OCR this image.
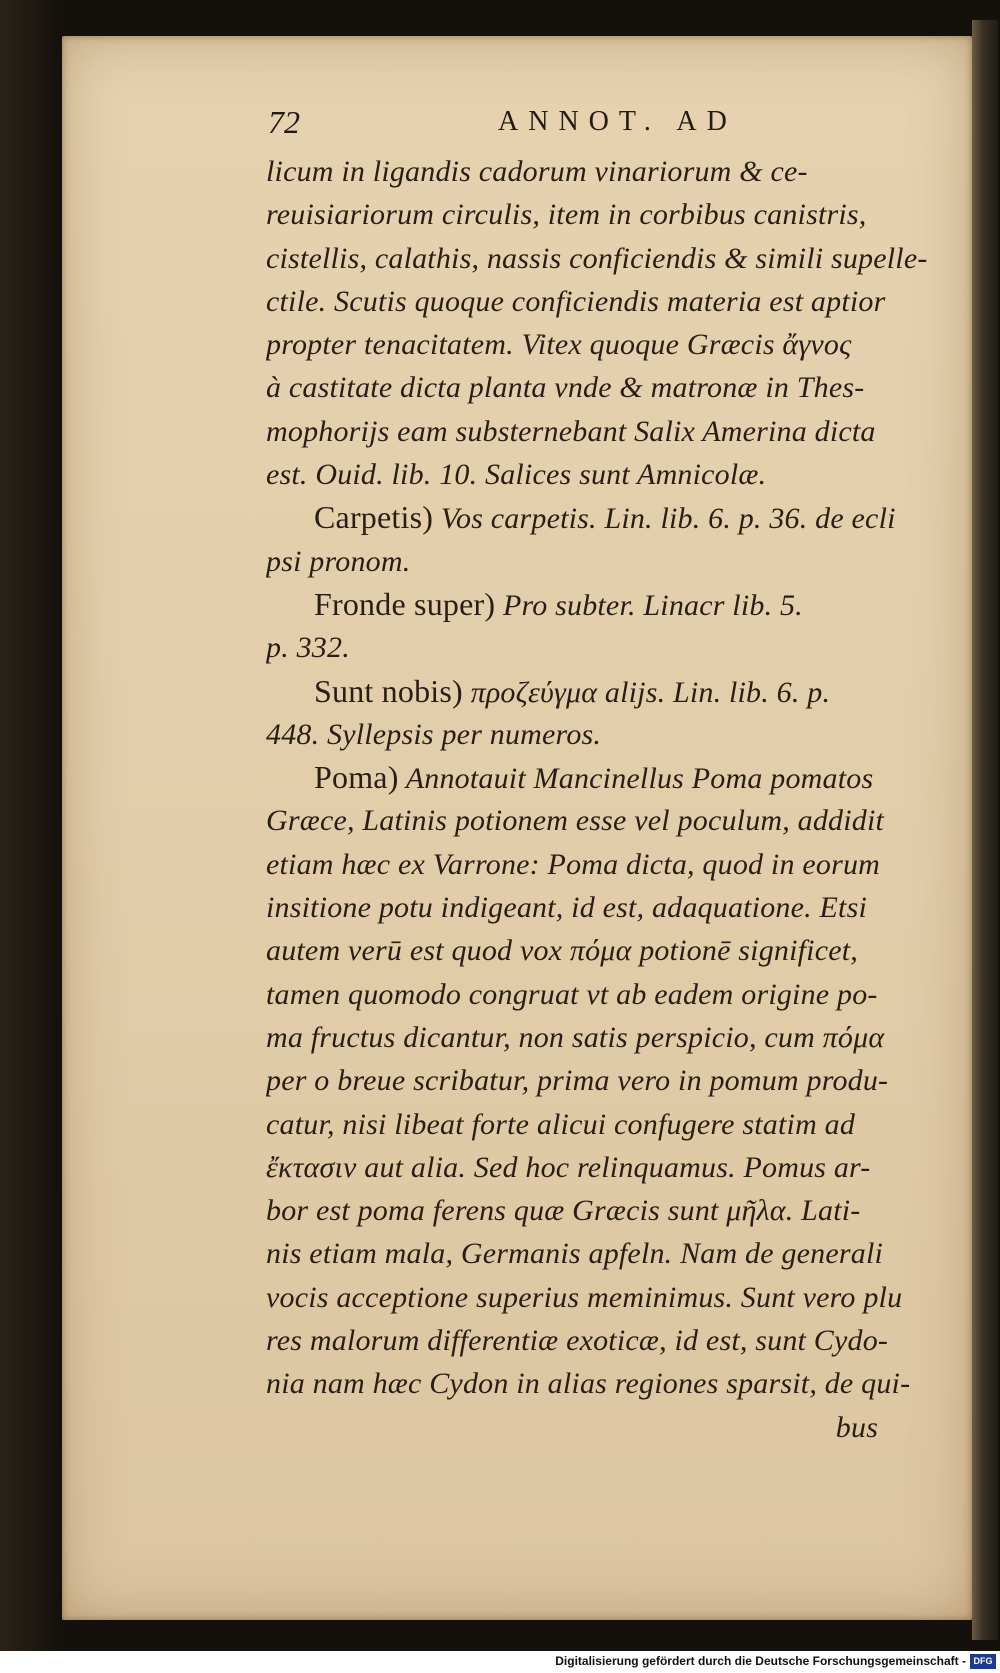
72	ANNOT. AD
licum in ligandis cadorum vinariorum & ce-
reuisiariorum circulis, item in corbibus canistris,
cistellis, calathis, nassis conficiendis & simili supelle-
ctile. Scutis quoque conficiendis materia est aptior
propter tenacitatem. Vitex quoque Græcis ἄγνος
à castitate dicta planta vnde & matronæ in Thes-
mophorijs eam substernebant Salix Amerina dicta
est. Ouid. lib. 10. Salices sunt Amnicolæ.
Carpetis) Vos carpetis. Lin. lib. 6. p. 36. de ecli
psi pronom.
Fronde super) Pro subter. Linacr lib. 5.
p. 332.
Sunt nobis) προζεύγμα alijs. Lin. lib. 6. p.
448. Syllepsis per numeros.
Poma) Annotauit Mancinellus Poma pomatos
Græce, Latinis potionem esse vel poculum, addidit
etiam hæc ex Varrone: Poma dicta, quod in eorum
insitione potu indigeant, id est, adaquatione. Etsi
autem verū est quod vox πόμα potionē significet,
tamen quomodo congruat vt ab eadem origine po-
ma fructus dicantur, non satis perspicio, cum πόμα
per o breue scribatur, prima vero in pomum produ-
catur, nisi libeat forte alicui confugere statim ad
ἔκτασιν aut alia. Sed hoc relinquamus. Pomus ar-
bor est poma ferens quæ Græcis sunt μῆλα. Lati-
nis etiam mala, Germanis apfeln. Nam de generali
vocis acceptione superius meminimus. Sunt vero plu
res malorum differentiæ exoticæ, id est, sunt Cydo-
nia nam hæc Cydon in alias regiones sparsit, de qui-
bus
Digitalisierung gefördert durch die Deutsche Forschungsgemeinschaft - DFG
